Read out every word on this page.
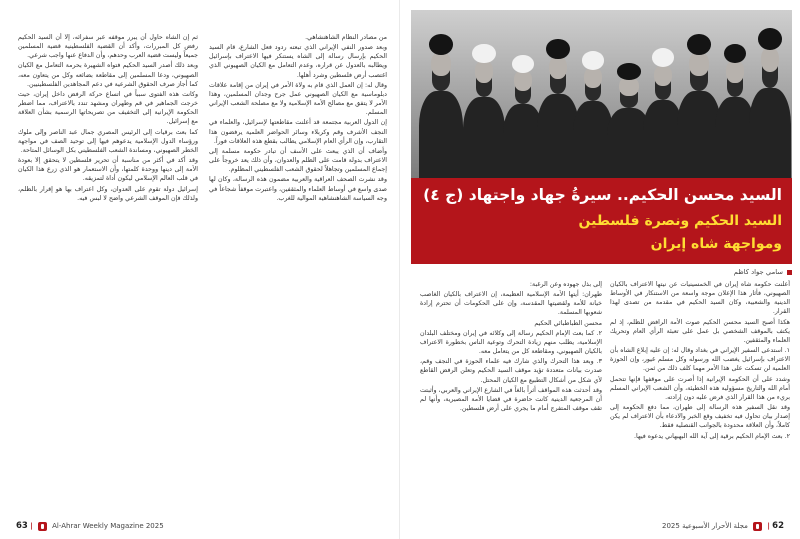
من مصادر النظام الشاهنشاهي.

وبعد صدور النفي الإيراني الذي تبعته ردود فعل الشارع، قام السيد الحكيم بإرسال رسالة إلى الشاه يستنكر فيها الاعتراف بإسرائيل ويطالبه بالعدول عن قراره، وعدم التعامل مع الكيان الصهيوني الذي اغتصب أرض فلسطين وشرد أهلها.

وقال له: إن العمل الذي قام به ولاة الأمر في إيران من إقامة علاقات دبلوماسية مع الكيان الصهيوني عمل جرح وجدان المسلمين، وهذا الأمر لا يتفق مع مصالح الأمة الإسلامية ولا مع مصلحة الشعب الإيراني المسلم.

إن الدول العربية مجتمعة قد أعلنت مقاطعتها لإسرائيل، والعلماء في النجف الأشرف وقم وكربلاء وسائر الحواضر العلمية يرفضون هذا التقارب، وإن الرأي العام الإسلامي يطالب بقطع هذه العلاقات فوراً.

وأضاف أن الذي يبعث على الأسف أن تبادر حكومة مسلمة إلى الاعتراف بدولة قامت على الظلم والعدوان، وأن ذلك يعد خروجاً على إجماع المسلمين وتجاهلاً لحقوق الشعب الفلسطيني المظلوم.

وقد نشرت الصحف العراقية والعربية مضمون هذه الرسالة، وكان لها صدى واسع في أوساط العلماء والمثقفين، واعتبرت موقفاً شجاعاً في وجه السياسة الشاهنشاهية الموالية للغرب.

ثم إن الشاه حاول أن يبرر موقفه عبر سفرائه، إلا أن السيد الحكيم رفض كل المبررات، وأكد أن القضية الفلسطينية قضية المسلمين جميعاً وليست قضية العرب وحدهم، وأن الدفاع عنها واجب شرعي.

وبعد ذلك أصدر السيد الحكيم فتواه الشهيرة بحرمة التعامل مع الكيان الصهيوني، ودعا المسلمين إلى مقاطعة بضائعه وكل من يتعاون معه، كما أجاز صرف الحقوق الشرعية في دعم المجاهدين الفلسطينيين.

وكانت هذه الفتوى سبباً في اتساع حركة الرفض داخل إيران، حيث خرجت الجماهير في قم وطهران ومشهد تندد بالاعتراف، مما اضطر الحكومة الإيرانية إلى التخفيف من تصريحاتها الرسمية بشأن العلاقة مع إسرائيل.

كما بعث برقيات إلى الرئيس المصري جمال عبد الناصر وإلى ملوك ورؤساء الدول الإسلامية يدعوهم فيها إلى توحيد الصف في مواجهة الخطر الصهيوني، ومساندة الشعب الفلسطيني بكل الوسائل المتاحة.

وقد أكد في أكثر من مناسبة أن تحرير فلسطين لا يتحقق إلا بعودة الأمة إلى دينها ووحدة كلمتها، وأن الاستعمار هو الذي زرع هذا الكيان في قلب العالم الإسلامي ليكون أداة لتمزيقه.

إسرائيل دولة تقوم على العدوان، وكل اعتراف بها هو إقرار بالظلم، ولذلك فإن الموقف الشرعي واضح لا لبس فيه.

63 |	Al-Ahrar Weekly Magazine 2025
السيد محسن الحكيم.. سيرةُ جهاد واجتهاد (ج ٤)
السيد الحكيم ونصرة فلسطين
ومواجهة شاه إيران
سامي جواد كاظم

أعلنت حكومة شاه إيران في الخمسينيات عن نيتها الاعتراف بالكيان الصهيوني، فأثار هذا الإعلان موجة واسعة من الاستنكار في الأوساط الدينية والشعبية، وكان السيد الحكيم في مقدمة من تصدى لهذا القرار.

هكذا أصبح السيد محسن الحكيم صوت الأمة الرافض للظلم، إذ لم يكتف بالموقف الشخصي بل عمل على تعبئة الرأي العام وتحريك العلماء والمثقفين.

١. استدعى السفير الإيراني في بغداد وقال له: إن عليه إبلاغ الشاه بأن الاعتراف بإسرائيل يغضب الله ورسوله وكل مسلم غيور، وإن الحوزة العلمية لن تسكت على هذا الأمر مهما كلف ذلك من ثمن.

وشدد على أن الحكومة الإيرانية إذا أصرت على موقفها فإنها تتحمل أمام الله والتاريخ مسؤولية هذه الخطيئة، وأن الشعب الإيراني المسلم بريء من هذا القرار الذي فرض عليه دون إرادته.

وقد نقل السفير هذه الرسالة إلى طهران، مما دفع الحكومة إلى إصدار بيان تحاول فيه تخفيف وقع الخبر والادعاء بأن الاعتراف لم يكن كاملاً، وأن العلاقة محدودة بالجوانب القنصلية فقط.

٢. بعث الإمام الحكيم برقية إلى آية الله البهبهاني يدعوه فيها.

إلى بذل جهوده وعن الرغبة:

طهران: أيتها الأمة الإسلامية العظيمة، إن الاعتراف بالكيان الغاصب خيانة للأمة ولقضيتها المقدسة، وإن على الحكومات أن تحترم إرادة شعوبها المسلمة.

محسن الطباطبائي الحكيم

٢. كما بعث الإمام الحكيم رسالة إلى وكلائه في إيران ومختلف البلدان الإسلامية، يطلب منهم زيادة التحرك وتوعية الناس بخطورة الاعتراف بالكيان الصهيوني، ومقاطعة كل من يتعامل معه.

٣. وبعد هذا التحرك والذي شارك فيه علماء الحوزة في النجف وقم، صدرت بيانات متعددة تؤيد موقف السيد الحكيم وتعلن الرفض القاطع لأي شكل من أشكال التطبيع مع الكيان المحتل.

وقد أحدثت هذه المواقف أثراً بالغاً في الشارع الإيراني والعربي، وأثبتت أن المرجعية الدينية كانت حاضرة في قضايا الأمة المصيرية، وأنها لم تقف موقف المتفرج أمام ما يجري على أرض فلسطين.

62 |  مجلة الأحرار الأسبوعية 2025
